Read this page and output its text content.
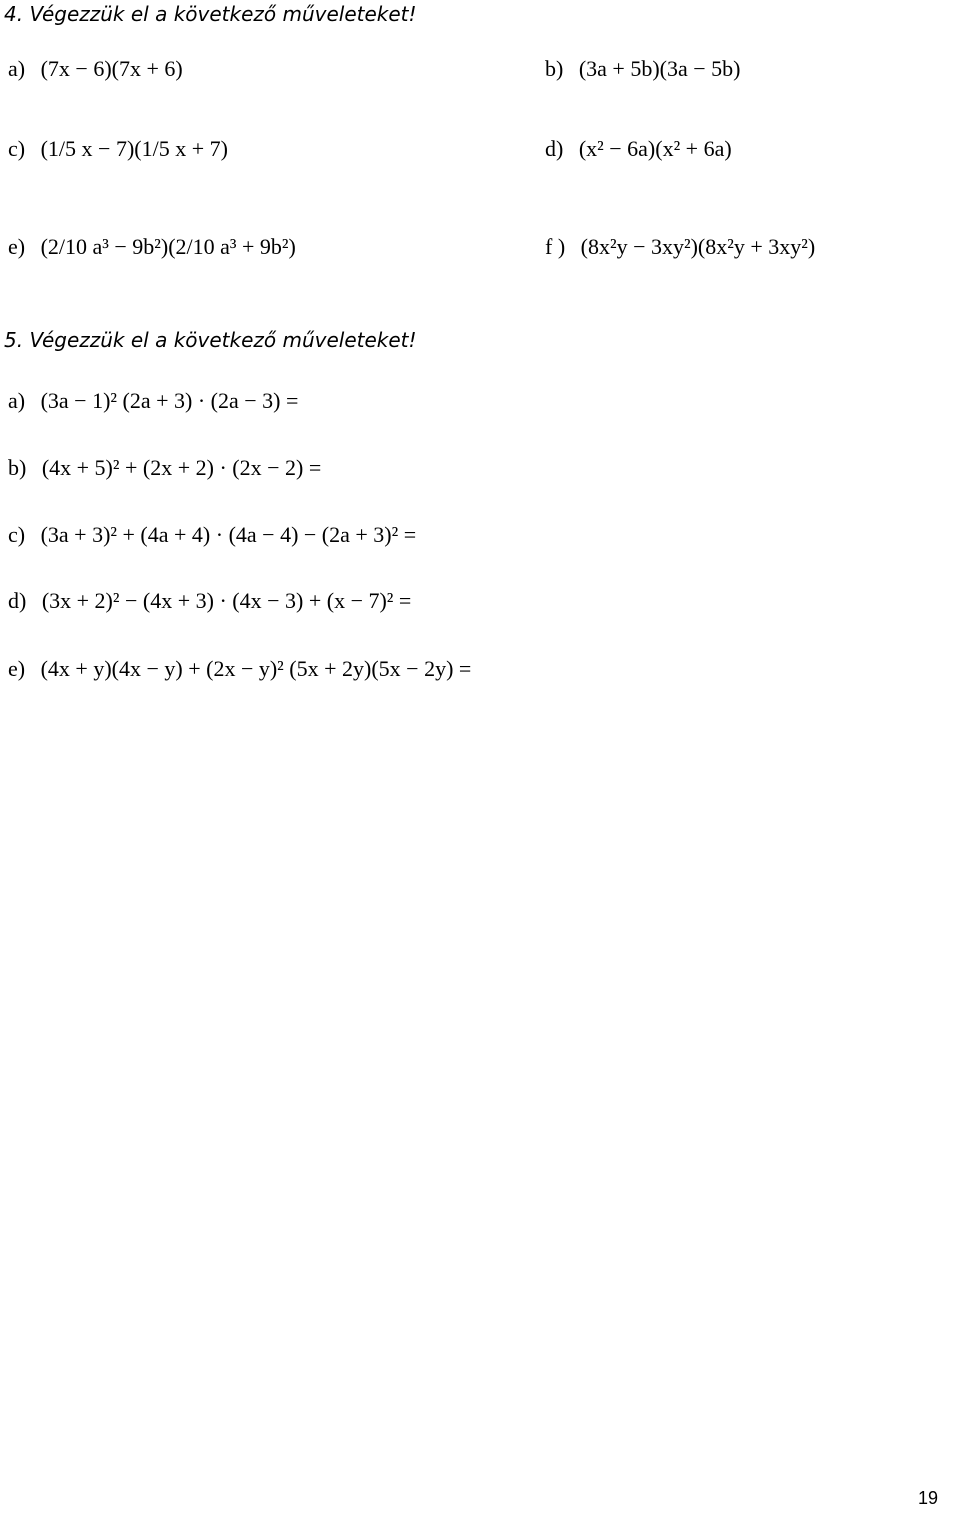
4. Végezzük el a következő műveleteket!
a) (7x − 6)(7x + 6)	b) (3a + 5b)(3a − 5b)
c) (1/5 x − 7)(1/5 x + 7)	d) (x² − 6a)(x² + 6a)
e) (2/10 a³ − 9b²)(2/10 a³ + 9b²)	f ) (8x²y − 3xy²)(8x²y + 3xy²)
5. Végezzük el a következő műveleteket!
a) (3a − 1)² (2a + 3) · (2a − 3) =
b) (4x + 5)² + (2x + 2) · (2x − 2) =
c) (3a + 3)² + (4a + 4) · (4a − 4) − (2a + 3)² =
d) (3x + 2)² − (4x + 3) · (4x − 3) + (x − 7)² =
e) (4x + y)(4x − y) + (2x − y)² (5x + 2y)(5x − 2y) =
19
